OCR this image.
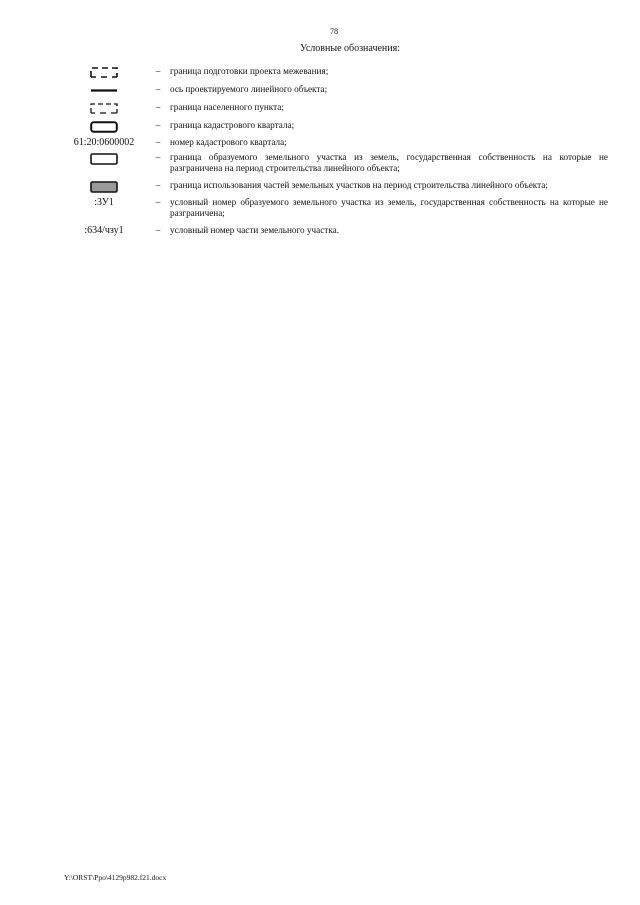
78
Условные обозначения:
–	граница подготовки проекта межевания;
–	ось проектируемого линейного объекта;
–	граница населенного пункта;
–	граница кадастрового квартала;
61:20:0600002	–	номер кадастрового квартала;
–	граница образуемого земельного участка из земель, государственная собственность на которые не разграничена на период строительства линейного объекта;
–	граница использования частей земельных участков на период строительства линейного объекта;
:ЗУ1	–	условный номер образуемого земельного участка из земель, государственная собственность на которые не разграничена;
:634/чзу1	–	условный номер части земельного участка.
Y:\ORST\Ppo\4129p982.f21.docx
